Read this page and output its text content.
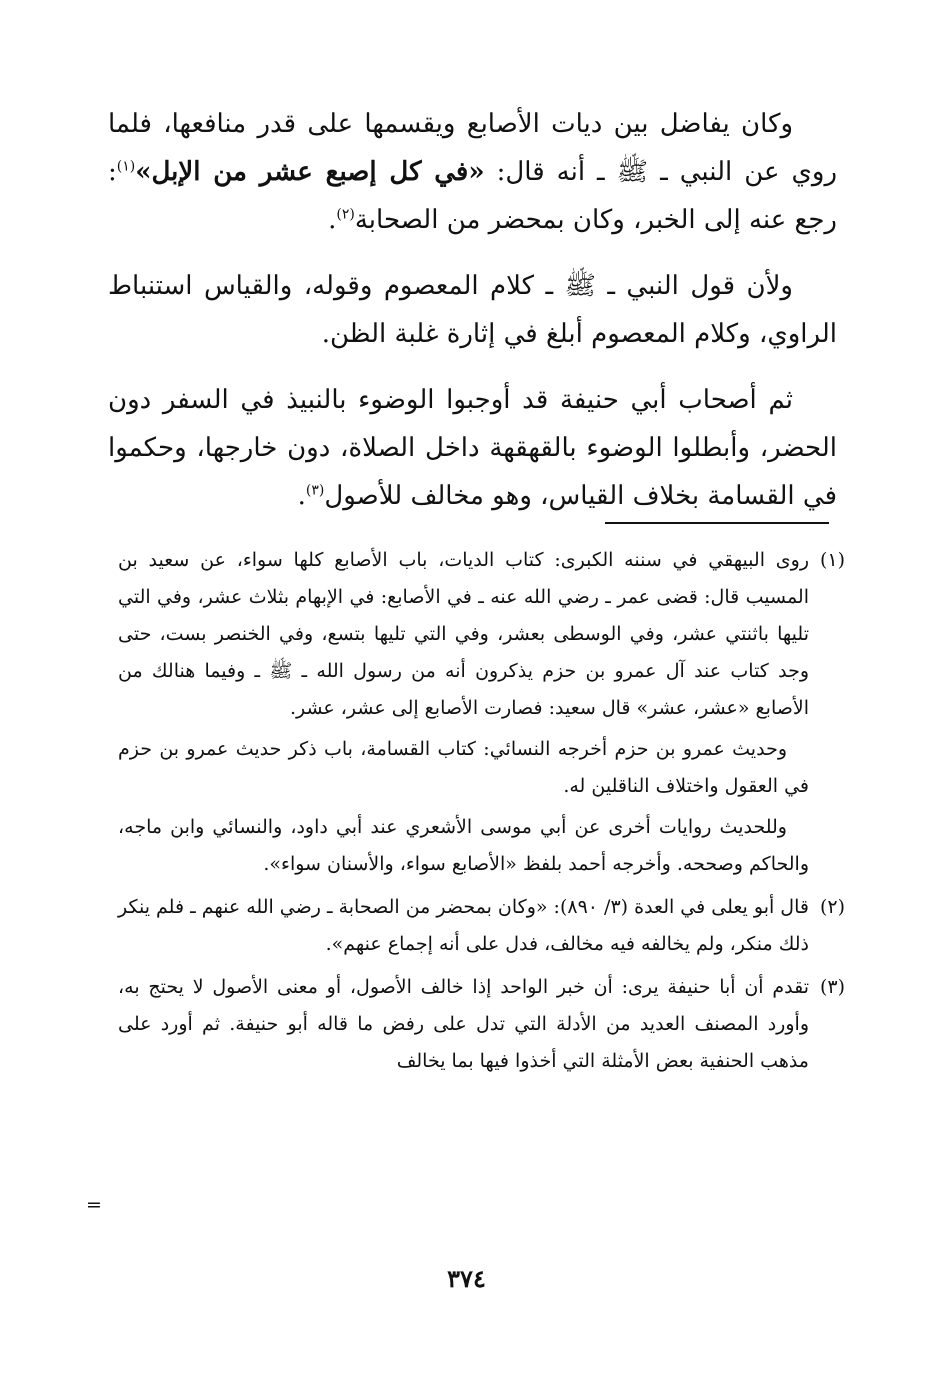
وكان يفاضل بين ديات الأصابع ويقسمها على قدر منافعها، فلما روي عن النبي ـ ﷺ ـ أنه قال: «في كل إصبع عشر من الإبل»$^{(١)}$: رجع عنه إلى الخبر، وكان بمحضر من الصحابة$^{(٢)}$.

ولأن قول النبي ـ ﷺ ـ كلام المعصوم وقوله، والقياس استنباط الراوي، وكلام المعصوم أبلغ في إثارة غلبة الظن.

ثم أصحاب أبي حنيفة قد أوجبوا الوضوء بالنبيذ في السفر دون الحضر، وأبطلوا الوضوء بالقهقهة داخل الصلاة، دون خارجها، وحكموا في القسامة بخلاف القياس، وهو مخالف للأصول$^{(٣)}$.

(١)

روى البيهقي في سننه الكبرى: كتاب الديات، باب الأصابع كلها سواء، عن سعيد بن المسيب قال: قضى عمر ـ رضي الله عنه ـ في الأصابع: في الإبهام بثلاث عشر، وفي التي تليها باثنتي عشر، وفي الوسطى بعشر، وفي التي تليها بتسع، وفي الخنصر بست، حتى وجد كتاب عند آل عمرو بن حزم يذكرون أنه من رسول الله ـ ﷺ ـ وفيما هنالك من الأصابع «عشر، عشر» قال سعيد: فصارت الأصابع إلى عشر، عشر.

وحديث عمرو بن حزم أخرجه النسائي: كتاب القسامة، باب ذكر حديث عمرو بن حزم في العقول واختلاف الناقلين له.

وللحديث روايات أخرى عن أبي موسى الأشعري عند أبي داود، والنسائي وابن ماجه، والحاكم وصححه. وأخرجه أحمد بلفظ «الأصابع سواء، والأسنان سواء».

(٢)

قال أبو يعلى في العدة (٣/ ٨٩٠): «وكان بمحضر من الصحابة ـ رضي الله عنهم ـ فلم ينكر ذلك منكر، ولم يخالفه فيه مخالف، فدل على أنه إجماع عنهم».

(٣)

تقدم أن أبا حنيفة يرى: أن خبر الواحد إذا خالف الأصول، أو معنى الأصول لا يحتج به، وأورد المصنف العديد من الأدلة التي تدل على رفض ما قاله أبو حنيفة. ثم أورد على مذهب الحنفية بعض الأمثلة التي أخذوا فيها بما يخالف

=
٣٧٤
